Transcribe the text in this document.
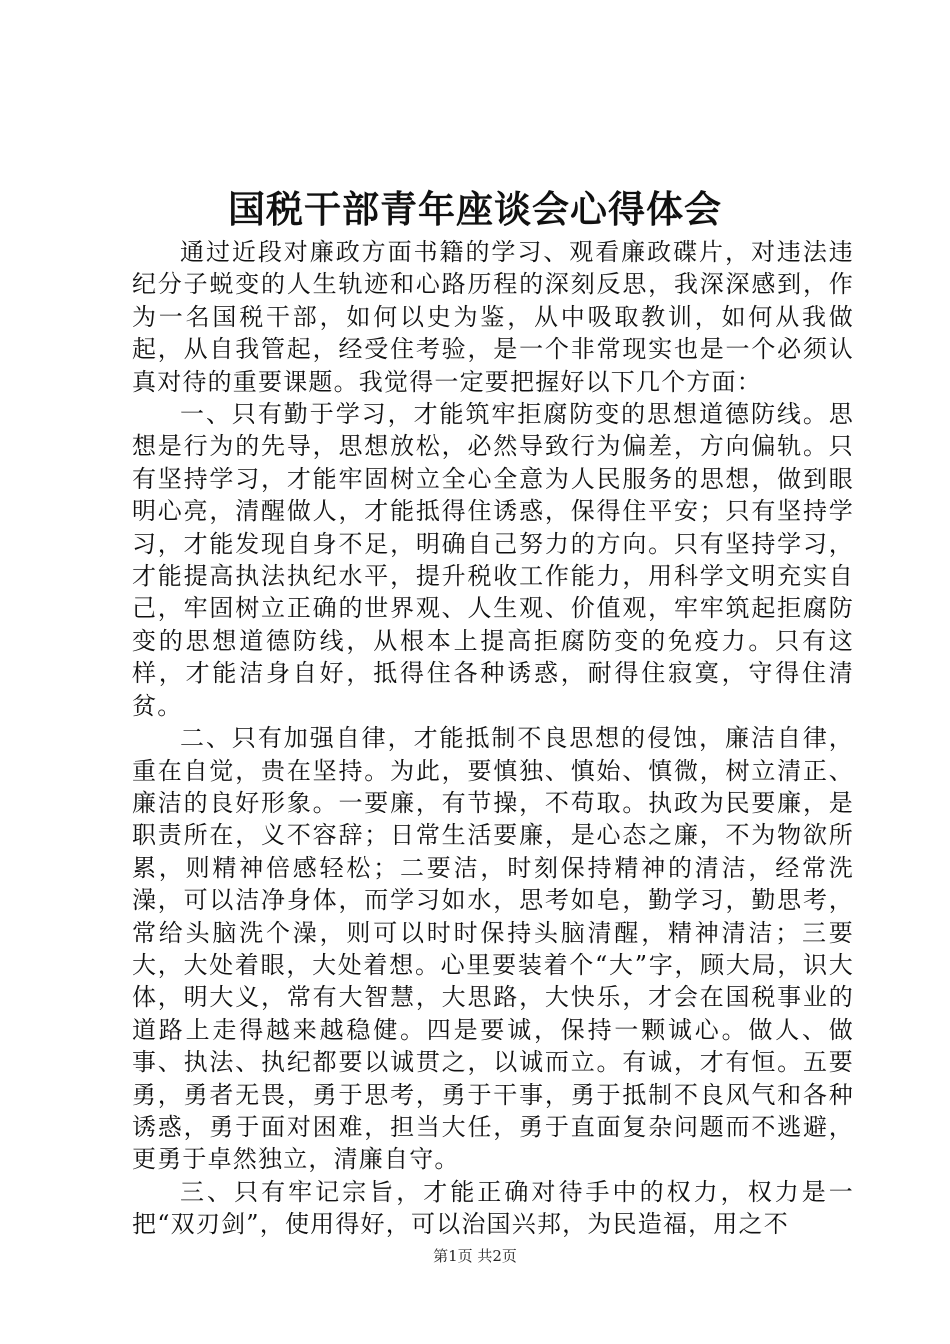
国税干部青年座谈会心得体会

通过近段对廉政方面书籍的学习、观看廉政碟片，对违法违纪分子蜕变的人生轨迹和心路历程的深刻反思，我深深感到，作为一名国税干部，如何以史为鉴，从中吸取教训，如何从我做起，从自我管起，经受住考验，是一个非常现实也是一个必须认真对待的重要课题。我觉得一定要把握好以下几个方面：

一、只有勤于学习，才能筑牢拒腐防变的思想道德防线。思想是行为的先导，思想放松，必然导致行为偏差，方向偏轨。只有坚持学习，才能牢固树立全心全意为人民服务的思想，做到眼明心亮，清醒做人，才能抵得住诱惑，保得住平安；只有坚持学习，才能发现自身不足，明确自己努力的方向。只有坚持学习，才能提高执法执纪水平，提升税收工作能力，用科学文明充实自己，牢固树立正确的世界观、人生观、价值观，牢牢筑起拒腐防变的思想道德防线，从根本上提高拒腐防变的免疫力。只有这样，才能洁身自好，抵得住各种诱惑，耐得住寂寞，守得住清贫。

二、只有加强自律，才能抵制不良思想的侵蚀，廉洁自律，重在自觉，贵在坚持。为此，要慎独、慎始、慎微，树立清正、廉洁的良好形象。一要廉，有节操，不苟取。执政为民要廉，是职责所在，义不容辞；日常生活要廉，是心态之廉，不为物欲所累，则精神倍感轻松；二要洁，时刻保持精神的清洁，经常洗澡，可以洁净身体，而学习如水，思考如皂，勤学习，勤思考，常给头脑洗个澡，则可以时时保持头脑清醒，精神清洁；三要大，大处着眼，大处着想。心里要装着个“大”字，顾大局，识大体，明大义，常有大智慧，大思路，大快乐，才会在国税事业的道路上走得越来越稳健。四是要诚，保持一颗诚心。做人、做事、执法、执纪都要以诚贯之，以诚而立。有诚，才有恒。五要勇，勇者无畏，勇于思考，勇于干事，勇于抵制不良风气和各种诱惑，勇于面对困难，担当大任，勇于直面复杂问题而不逃避，更勇于卓然独立，清廉自守。

三、只有牢记宗旨，才能正确对待手中的权力，权力是一把“双刃剑”，使用得好，可以治国兴邦，为民造福，用之不

第1页 共2页
